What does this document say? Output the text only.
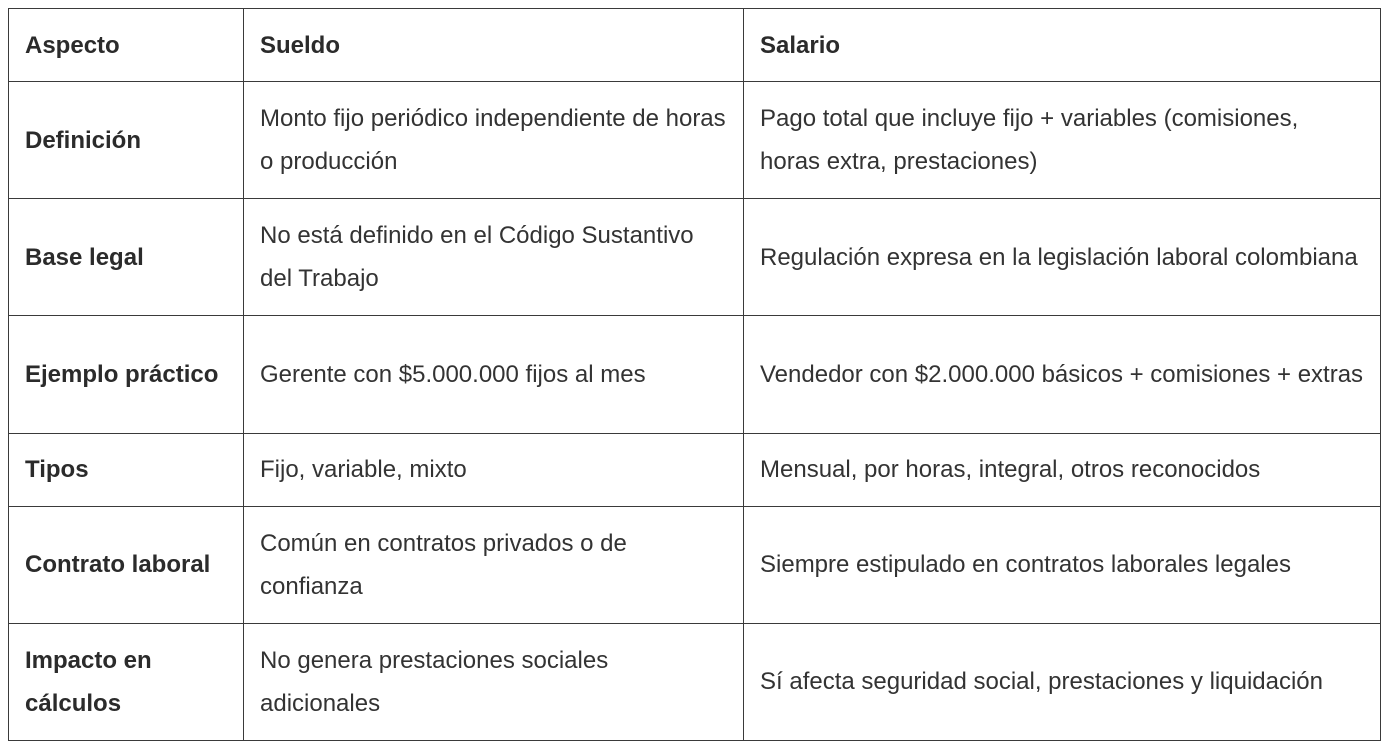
Aspecto	Sueldo	Salario
Definición	Monto fijo periódico independiente de horas o producción	Pago total que incluye fijo + variables (comisiones, horas extra, prestaciones)
Base legal	No está definido en el Código Sustantivo del Trabajo	Regulación expresa en la legislación laboral colombiana
Ejemplo práctico	Gerente con $5.000.000 fijos al mes	Vendedor con $2.000.000 básicos + comisiones + extras
Tipos	Fijo, variable, mixto	Mensual, por horas, integral, otros reconocidos
Contrato laboral	Común en contratos privados o de confianza	Siempre estipulado en contratos laborales legales
Impacto en cálculos	No genera prestaciones sociales adicionales	Sí afecta seguridad social, prestaciones y liquidación
